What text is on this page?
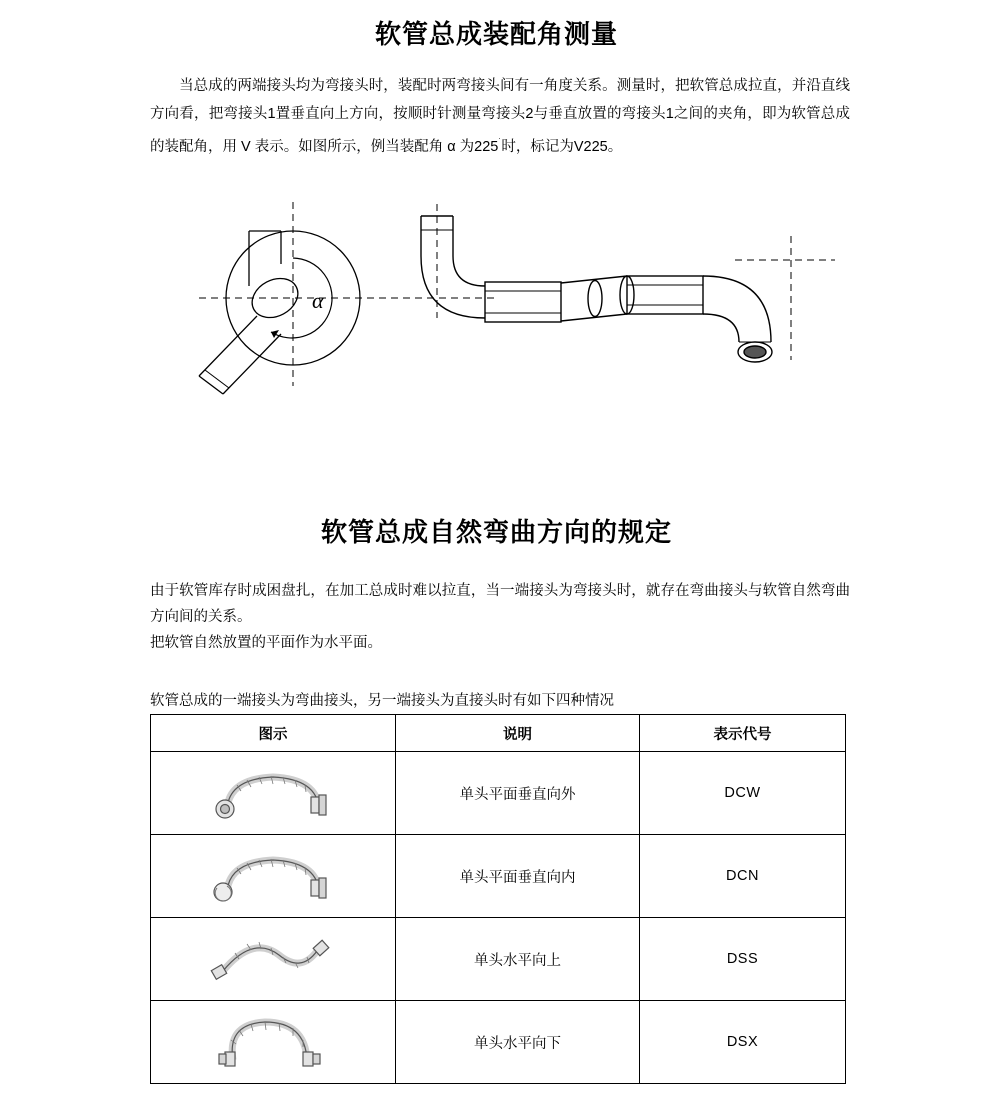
软管总成装配角测量
当总成的两端接头均为弯接头时，装配时两弯接头间有一角度关系。测量时，把软管总成拉直，并沿直线方向看，把弯接头1置垂直向上方向，按顺时针测量弯接头2与垂直放置的弯接头1之间的夹角，即为软管总成的装配角，用 V 表示。如图所示，例当装配角 α 为225˙时，标记为V225。
α
软管总成自然弯曲方向的规定
由于软管库存时成困盘扎，在加工总成时难以拉直，当一端接头为弯接头时，就存在弯曲接头与软管自然弯曲方向间的关系。
把软管自然放置的平面作为水平面。
软管总成的一端接头为弯曲接头，另一端接头为直接头时有如下四种情况
图示	说明	表示代号

	单头平面垂直向外	DCW

	单头平面垂直向内	DCN

	单头水平向上	DSS

	单头水平向下	DSX
